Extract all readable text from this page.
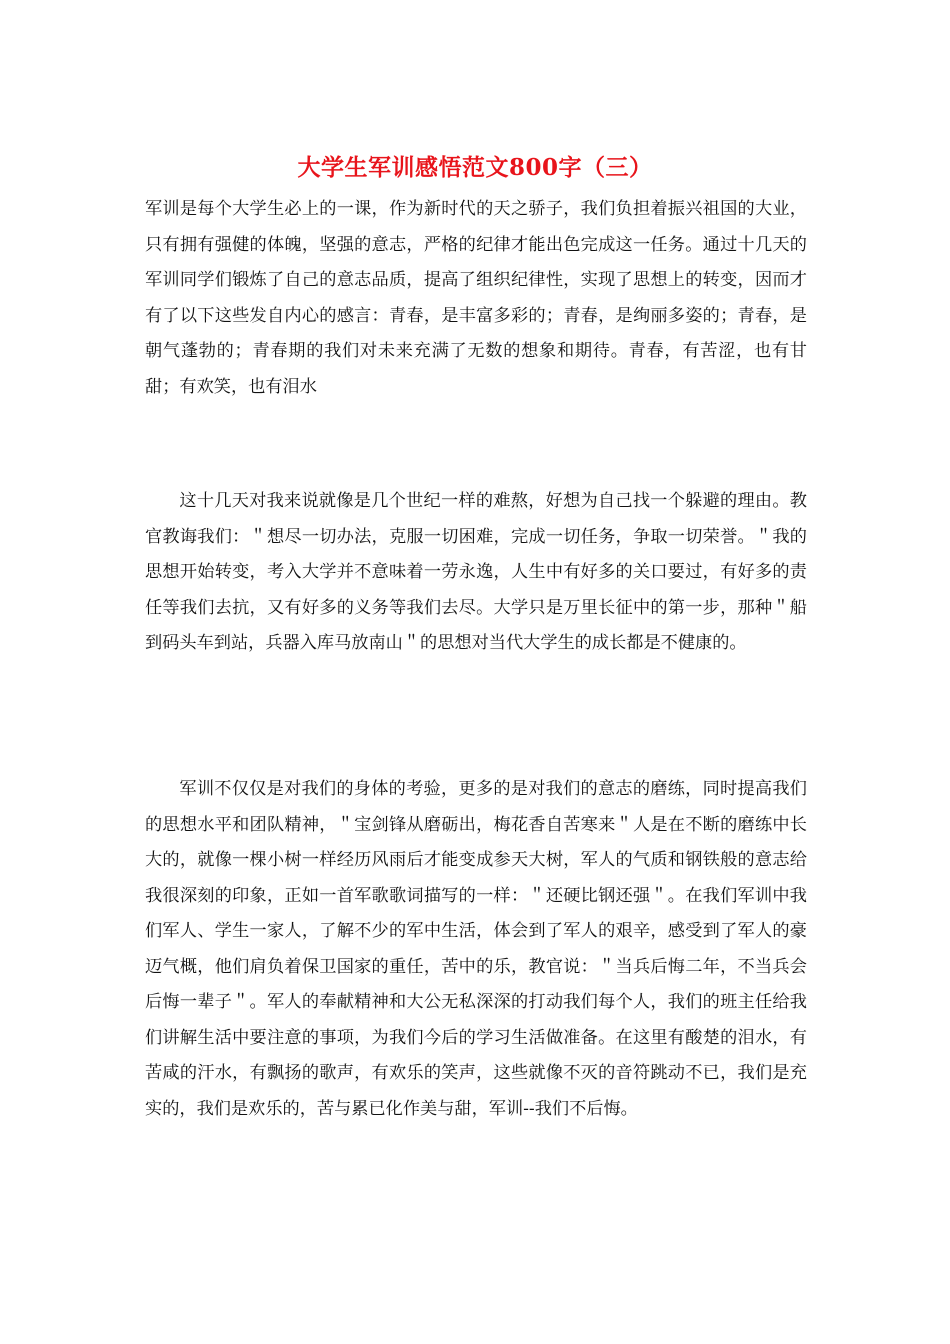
大学生军训感悟范文800字（三）

军训是每个大学生必上的一课，作为新时代的天之骄子，我们负担着振兴祖国的大业，只有拥有强健的体魄，坚强的意志，严格的纪律才能出色完成这一任务。通过十几天的军训同学们锻炼了自己的意志品质，提高了组织纪律性，实现了思想上的转变，因而才有了以下这些发自内心的感言：青春，是丰富多彩的；青春，是绚丽多姿的；青春，是朝气蓬勃的；青春期的我们对未来充满了无数的想象和期待。青春，有苦涩，也有甘甜；有欢笑，也有泪水

这十几天对我来说就像是几个世纪一样的难熬，好想为自己找一个躲避的理由。教官教诲我们：＂想尽一切办法，克服一切困难，完成一切任务，争取一切荣誉。＂我的思想开始转变，考入大学并不意味着一劳永逸，人生中有好多的关口要过，有好多的责任等我们去抗，又有好多的义务等我们去尽。大学只是万里长征中的第一步，那种＂船到码头车到站，兵器入库马放南山＂的思想对当代大学生的成长都是不健康的。

军训不仅仅是对我们的身体的考验，更多的是对我们的意志的磨练，同时提高我们的思想水平和团队精神，＂宝剑锋从磨砺出，梅花香自苦寒来＂人是在不断的磨练中长大的，就像一棵小树一样经历风雨后才能变成参天大树，军人的气质和钢铁般的意志给我很深刻的印象，正如一首军歌歌词描写的一样：＂还硬比钢还强＂。在我们军训中我们军人、学生一家人，了解不少的军中生活，体会到了军人的艰辛，感受到了军人的豪迈气概，他们肩负着保卫国家的重任，苦中的乐，教官说：＂当兵后悔二年，不当兵会后悔一辈子＂。军人的奉献精神和大公无私深深的打动我们每个人，我们的班主任给我们讲解生活中要注意的事项，为我们今后的学习生活做准备。在这里有酸楚的泪水，有苦咸的汗水，有飘扬的歌声，有欢乐的笑声，这些就像不灭的音符跳动不已，我们是充实的，我们是欢乐的，苦与累已化作美与甜，军训--我们不后悔。
